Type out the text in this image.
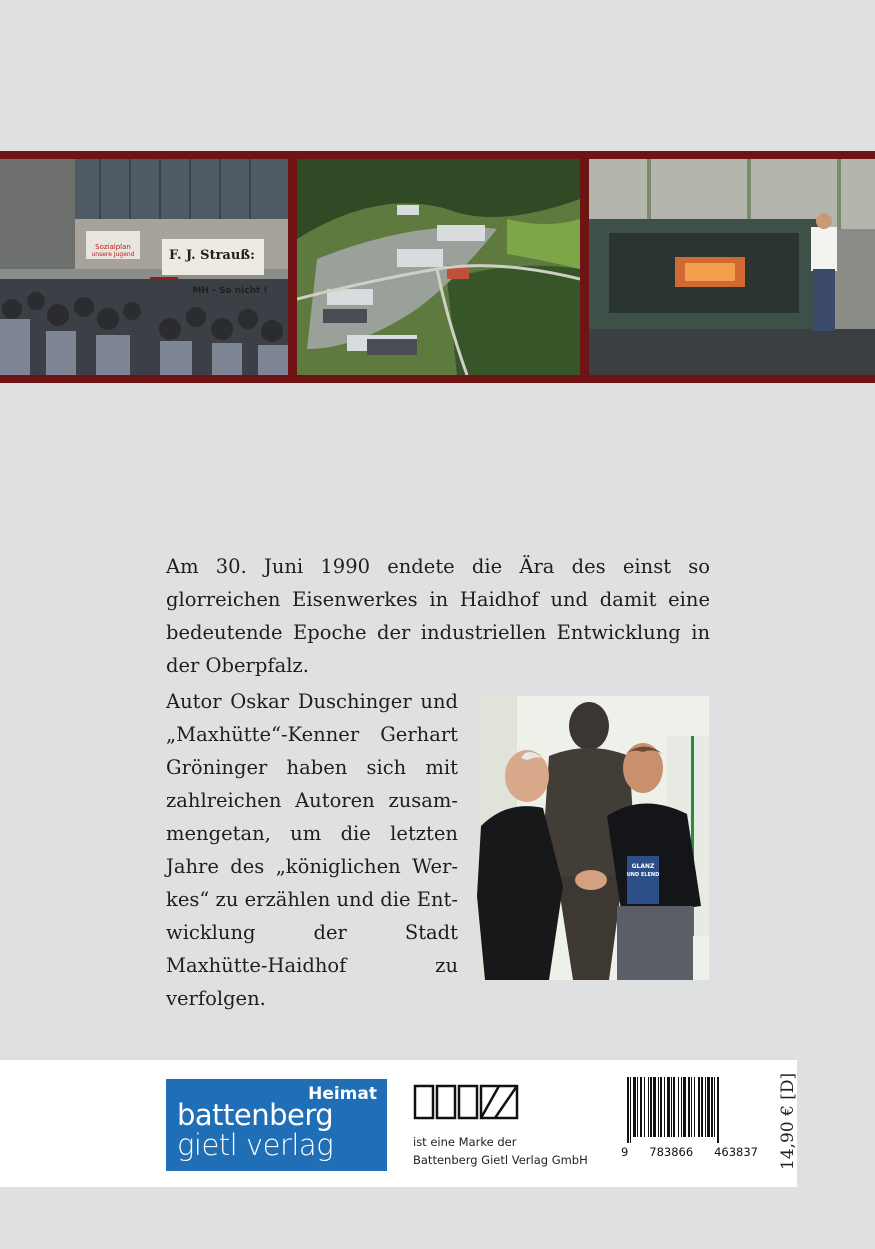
Sozialplan
unsere Jugend	F. J. Strauß:
MH - So nicht !

Am 30. Juni 1990 endete die Ära des einst so glorreichen Eisenwerkes in Haidhof und damit eine bedeutende Epoche der industriellen Entwicklung in der Oberpfalz.

Autor Oskar Duschinger und „Maxhütte“-Kenner Gerhart Gröninger haben sich mit zahlreichen Autoren zusammengetan, um die letzten Jahre des „königlichen Werkes“ zu erzählen und die Entwicklung der Stadt Maxhütte-Haidhof zu verfolgen.

GLANZ
UND ELEND
Heimat
battenberg
gietl verlag	ist eine Marke der
Battenberg Gietl Verlag GmbH
9 783866 463837 14,90 € [D]
